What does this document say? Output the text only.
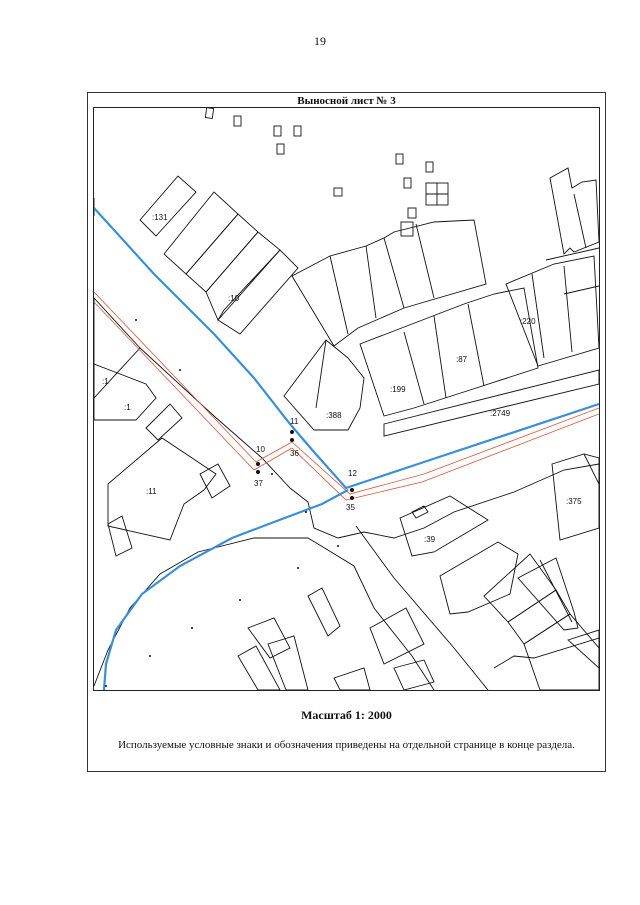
19
Выносной лист № 3
:131
:10
:1
:1
:11
:388
:199
:87
:220
:2749
:375
:39
11
36
10
37
12
35
Масштаб 1: 2000
Используемые условные знаки и обозначения приведены на отдельной странице в конце раздела.
